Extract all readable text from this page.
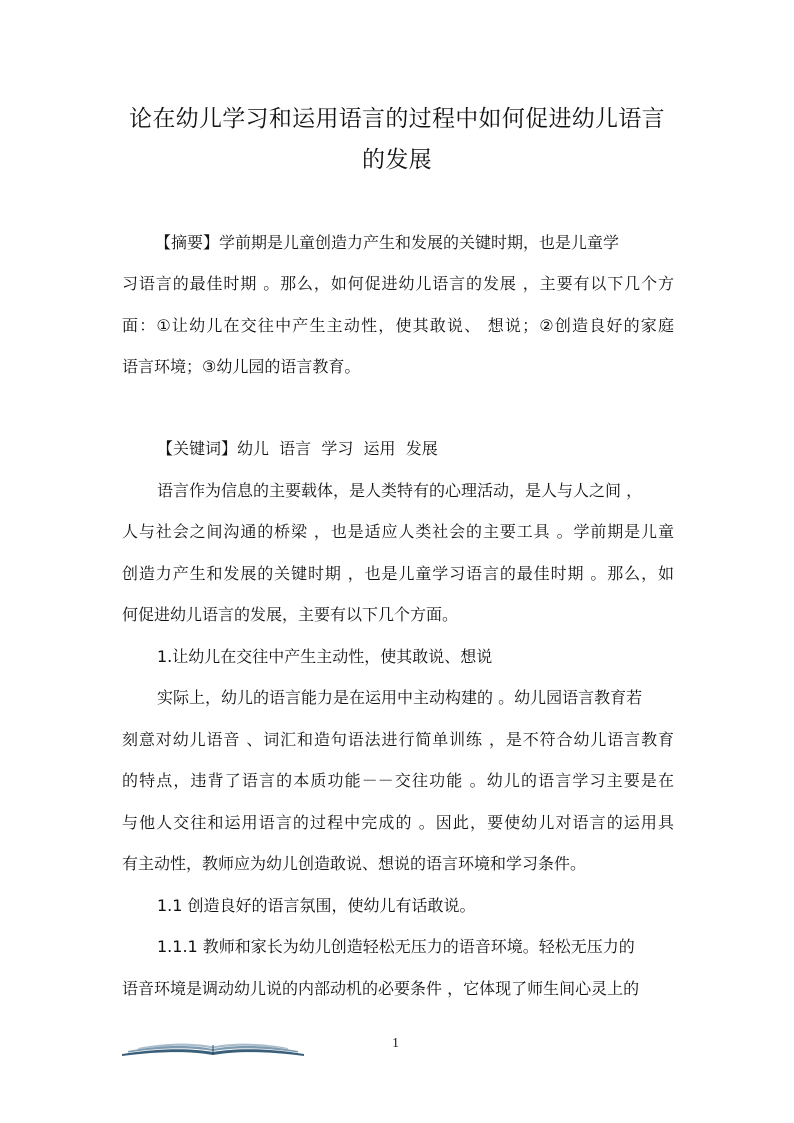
论在幼儿学习和运用语言的过程中如何促进幼儿语言
的发展
【摘要】学前期是儿童创造力产生和发展的关键时期，也是儿童学
习语言的最佳时期 。那么，如何促进幼儿语言的发展 ，主要有以下几个方
面：①让幼儿在交往中产生主动性，使其敢说、 想说；②创造良好的家庭
语言环境；③幼儿园的语言教育。
【关键词】幼儿  语言  学习  运用  发展
语言作为信息的主要载体，是人类特有的心理活动，是人与人之间 ，
人与社会之间沟通的桥梁 ，也是适应人类社会的主要工具 。学前期是儿童
创造力产生和发展的关键时期 ，也是儿童学习语言的最佳时期 。那么，如
何促进幼儿语言的发展，主要有以下几个方面。
1.让幼儿在交往中产生主动性，使其敢说、想说
实际上，幼儿的语言能力是在运用中主动构建的 。幼儿园语言教育若
刻意对幼儿语音 、词汇和造句语法进行简单训练 ，是不符合幼儿语言教育
的特点，违背了语言的本质功能－－交往功能 。幼儿的语言学习主要是在
与他人交往和运用语言的过程中完成的 。因此，要使幼儿对语言的运用具
有主动性，教师应为幼儿创造敢说、想说的语言环境和学习条件。
1.1 创造良好的语言氛围，使幼儿有话敢说。
1.1.1 教师和家长为幼儿创造轻松无压力的语音环境。轻松无压力的
语音环境是调动幼儿说的内部动机的必要条件 ，它体现了师生间心灵上的
1
